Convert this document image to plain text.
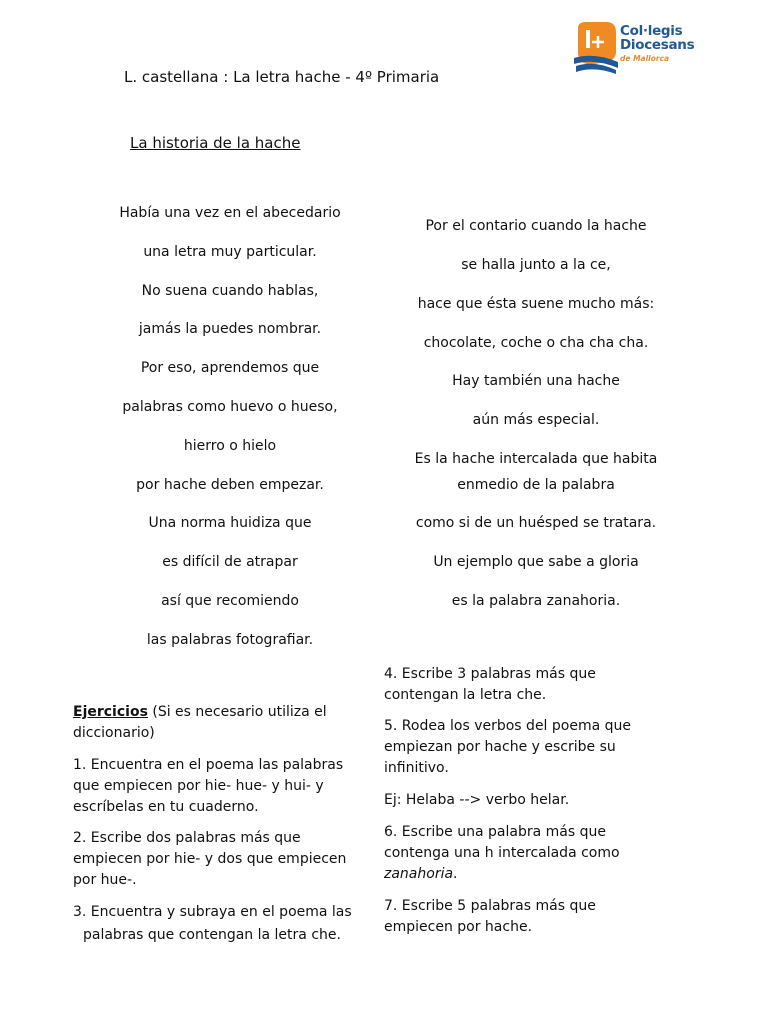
Col·legis
Diocesans
de Mallorca
L. castellana : La letra hache - 4º Primaria
La historia de la hache
Había una vez en el abecedario
una letra muy particular.
No suena cuando hablas,
jamás la puedes nombrar.
Por eso, aprendemos que
palabras como huevo o hueso,
hierro o hielo
por hache deben empezar.
Una norma huidiza que
es difícil de atrapar
así que recomiendo
las palabras fotografiar.
Por el contario cuando la hache
se halla junto a la ce,
hace que ésta suene mucho más:
chocolate, coche o cha cha cha.
Hay también una hache
aún más especial.
Es la hache intercalada que habita
enmedio de la palabra
como si de un huésped se tratara.
Un ejemplo que sabe a gloria
es la palabra zanahoria.
Ejercicios (Si es necesario utiliza el
diccionario)
1. Encuentra en el poema las palabras
que empiecen por hie- hue- y hui- y
escríbelas en tu cuaderno.
2. Escribe dos palabras más que
empiecen por hie- y dos que empiecen
por hue-.
3. Encuentra y subraya en el poema las
palabras que contengan la letra che.
4. Escribe 3 palabras más que
contengan la letra che.
5. Rodea los verbos del poema que
empiezan por hache y escribe su
infinitivo.
Ej: Helaba --> verbo helar.
6. Escribe una palabra más que
contenga una h intercalada como
zanahoria.
7. Escribe 5 palabras más que
empiecen por hache.
